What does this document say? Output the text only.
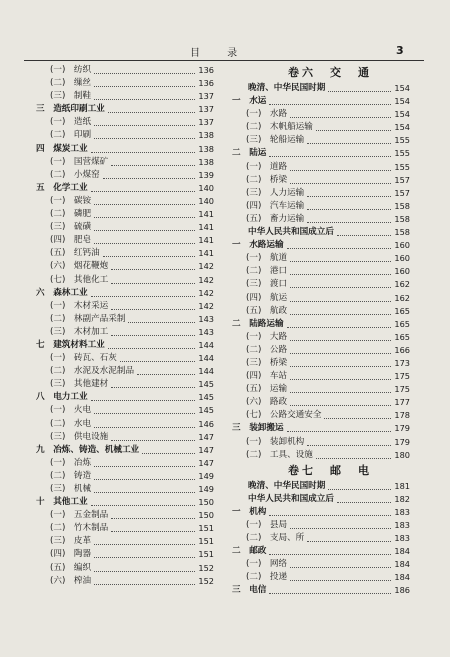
目 录	3
(一)　纺织	136
(二)　缫丝	136
(三)　制鞋	137
三　造纸印刷工业	137
(一)　造纸	137
(二)　印刷	138
四　煤炭工业	138
(一)　国营煤矿	138
(二)　小煤窑	139
五　化学工业	140
(一)　碳铵	140
(二)　磷肥	141
(三)　硫磺	141
(四)　肥皂	141
(五)　红钙油	141
(六)　烟花鞭炮	142
(七)　其他化工	142
六　森林工业	142
(一)　木材采运	142
(二)　林副产品采制	143
(三)　木材加工	143
七　建筑材料工业	144
(一)　砖瓦、石灰	144
(二)　水泥及水泥制品	144
(三)　其他建材	145
八　电力工业	145
(一)　火电	145
(二)　水电	146
(三)　供电设施	147
九　冶炼、铸造、机械工业	147
(一)　冶炼	147
(二)　铸造	149
(三)　机械	149
十　其他工业	150
(一)　五金制品	150
(二)　竹木制品	151
(三)　皮革	151
(四)　陶器	151
(五)　编织	152
(六)　榨油	152
卷六　交　通
晚清、中华民国时期	154
一　水运	154
(一)　水路	154
(二)　木帆船运输	154
(三)　轮船运输	155
二　陆运	155
(一)　道路	155
(二)　桥梁	157
(三)　人力运输	157
(四)　汽车运输	158
(五)　畜力运输	158
中华人民共和国成立后	158
一　水路运输	160
(一)　航道	160
(二)　港口	160
(三)　渡口	162
(四)　航运	162
(五)　航政	165
二　陆路运输	165
(一)　大路	165
(二)　公路	166
(三)　桥梁	173
(四)　车站	175
(五)　运输	175
(六)　路政	177
(七)　公路交通安全	178
三　装卸搬运	179
(一)　装卸机构	179
(二)　工具、设施	180
卷七　邮　电
晚清、中华民国时期	181
中华人民共和国成立后	182
一　机构	183
(一)　县局	183
(二)　支局、所	183
二　邮政	184
(一)　网络	184
(二)　投递	184
三　电信	186
